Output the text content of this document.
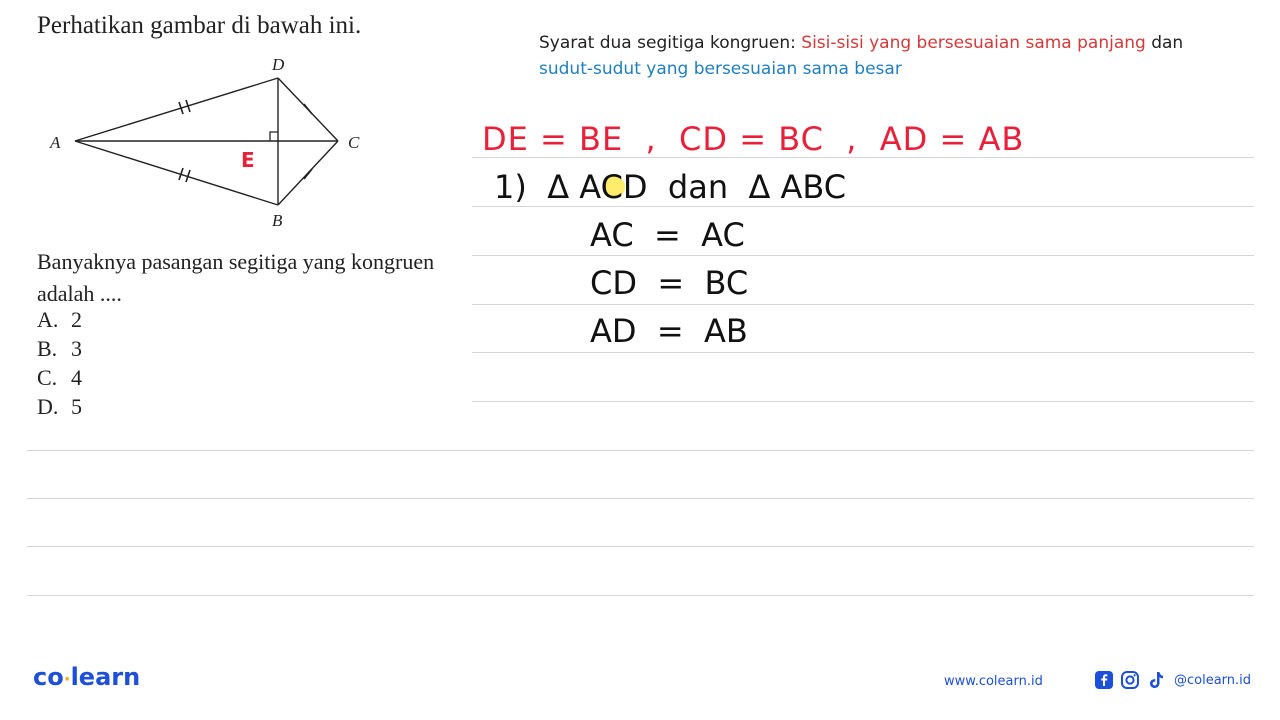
Perhatikan gambar di bawah ini.
E
A
D
C
B
Banyaknya pasangan segitiga yang kongruen adalah ....
A. 2
B. 3
C. 4
D. 5
Syarat dua segitiga kongruen: Sisi-sisi yang bersesuaian sama panjang dan
sudut-sudut yang bersesuaian sama besar
DE = BE  ,  CD = BC  ,  AD = AB
1)  Δ ACD  dan  Δ ABC
AC  =  AC
CD  =  BC
AD  =  AB
co·learn	www.colearn.id	@colearn.id
